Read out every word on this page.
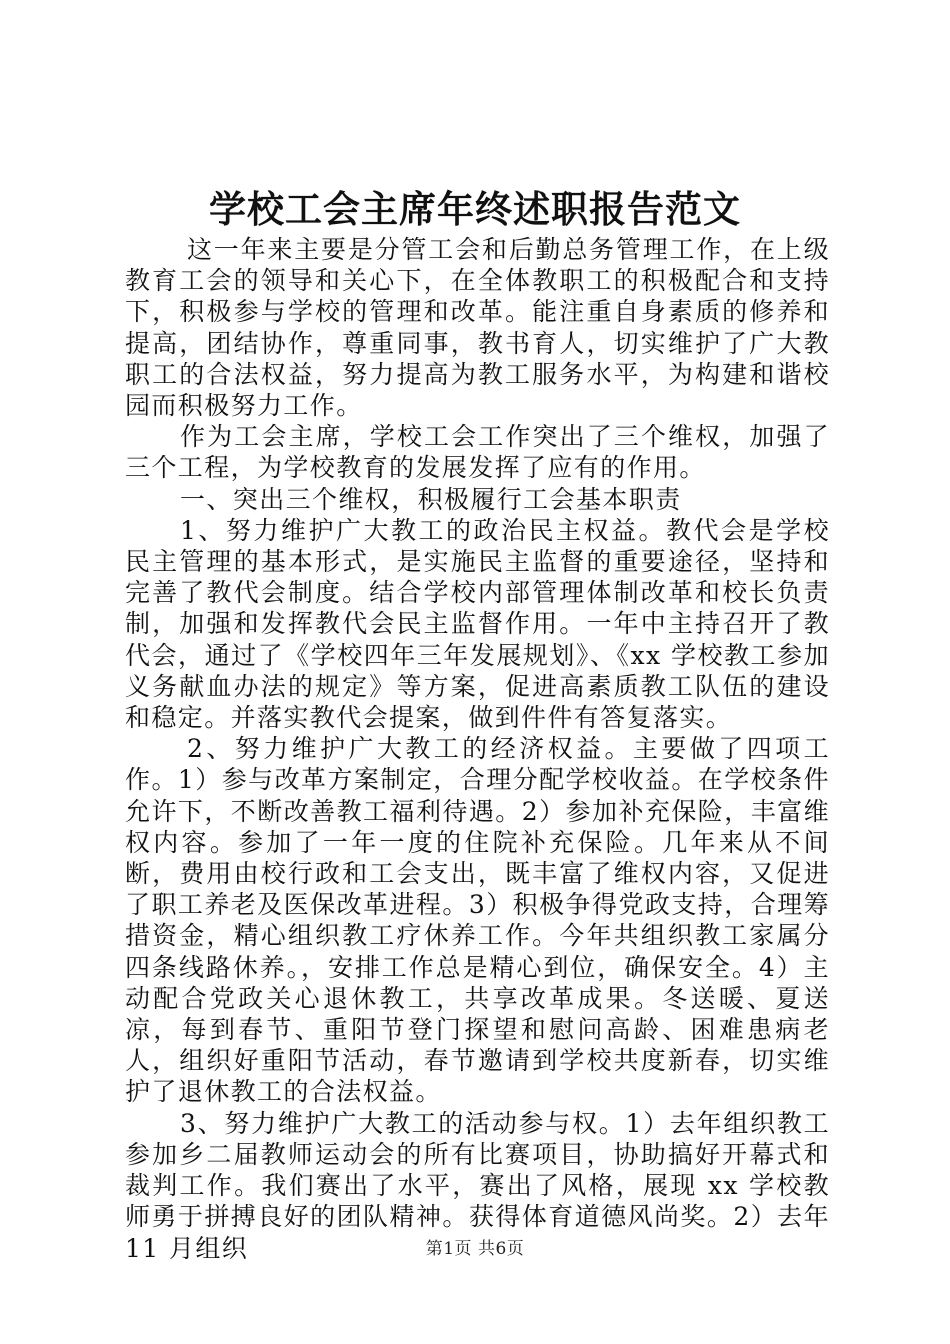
学校工会主席年终述职报告范文

这一年来主要是分管工会和后勤总务管理工作，在上级教育工会的领导和关心下，在全体教职工的积极配合和支持下，积极参与学校的管理和改革。能注重自身素质的修养和提高，团结协作，尊重同事，教书育人，切实维护了广大教职工的合法权益，努力提高为教工服务水平，为构建和谐校园而积极努力工作。

作为工会主席，学校工会工作突出了三个维权，加强了三个工程，为学校教育的发展发挥了应有的作用。

一、突出三个维权，积极履行工会基本职责

1、努力维护广大教工的政治民主权益。教代会是学校民主管理的基本形式，是实施民主监督的重要途径，坚持和完善了教代会制度。结合学校内部管理体制改革和校长负责制，加强和发挥教代会民主监督作用。一年中主持召开了教代会，通过了《学校四年三年发展规划》、《xx 学校教工参加义务献血办法的规定》等方案，促进高素质教工队伍的建设和稳定。并落实教代会提案，做到件件有答复落实。

2、努力维护广大教工的经济权益。主要做了四项工作。1）参与改革方案制定，合理分配学校收益。在学校条件允许下，不断改善教工福利待遇。2）参加补充保险，丰富维权内容。参加了一年一度的住院补充保险。几年来从不间断，费用由校行政和工会支出，既丰富了维权内容，又促进了职工养老及医保改革进程。3）积极争得党政支持，合理筹措资金，精心组织教工疗休养工作。今年共组织教工家属分四条线路休养。，安排工作总是精心到位，确保安全。4）主动配合党政关心退休教工，共享改革成果。冬送暖、夏送凉，每到春节、重阳节登门探望和慰问高龄、困难患病老人，组织好重阳节活动，春节邀请到学校共度新春，切实维护了退休教工的合法权益。

3、努力维护广大教工的活动参与权。1）去年组织教工参加乡二届教师运动会的所有比赛项目，协助搞好开幕式和裁判工作。我们赛出了水平，赛出了风格，展现 xx 学校教师勇于拼搏良好的团队精神。获得体育道德风尚奖。2）去年 11 月组织	第1页 共6页
